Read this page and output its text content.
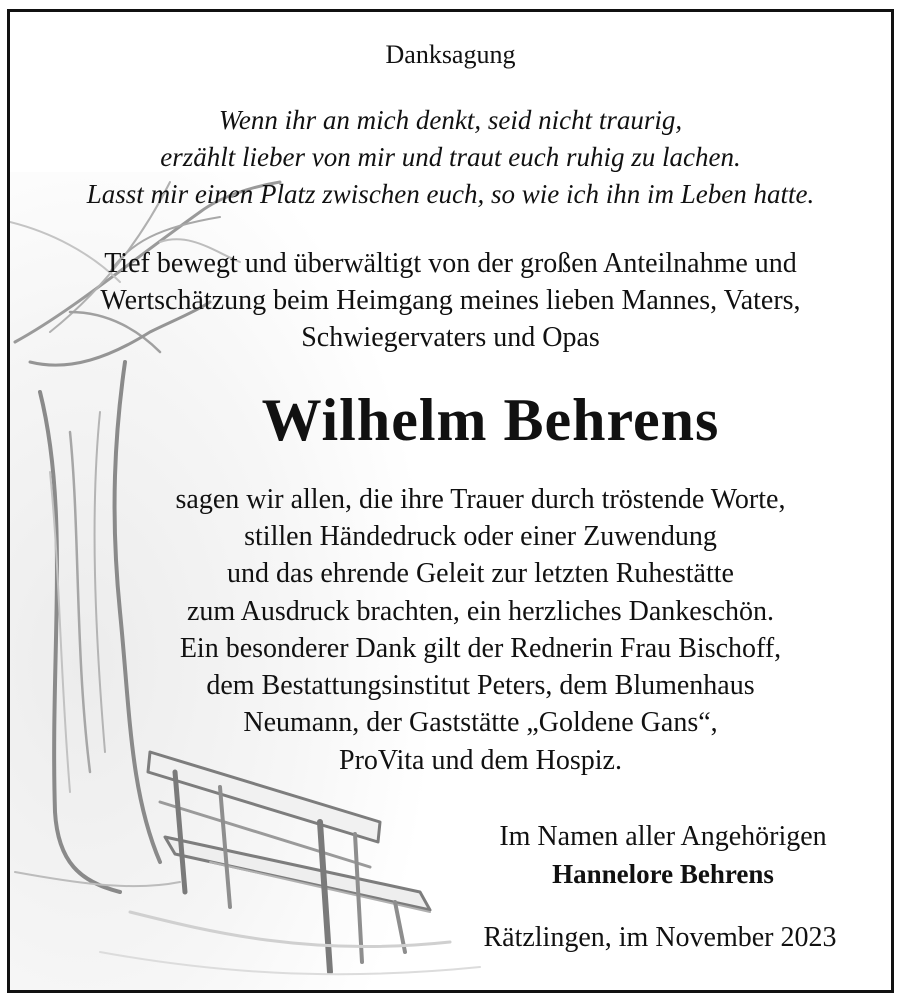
Danksagung
Wenn ihr an mich denkt, seid nicht traurig,
erzählt lieber von mir und traut euch ruhig zu lachen.
Lasst mir einen Platz zwischen euch, so wie ich ihn im Leben hatte.
Tief bewegt und überwältigt von der großen Anteilnahme und
Wertschätzung beim Heimgang meines lieben Mannes, Vaters,
Schwiegervaters und Opas
Wilhelm Behrens
sagen wir allen, die ihre Trauer durch tröstende Worte,
stillen Händedruck oder einer Zuwendung
und das ehrende Geleit zur letzten Ruhestätte
zum Ausdruck brachten, ein herzliches Dankeschön.
Ein besonderer Dank gilt der Rednerin Frau Bischoff,
dem Bestattungsinstitut Peters, dem Blumenhaus
Neumann, der Gaststätte „Goldene Gans“,
ProVita und dem Hospiz.
Im Namen aller Angehörigen
Hannelore Behrens
Rätzlingen, im November 2023
